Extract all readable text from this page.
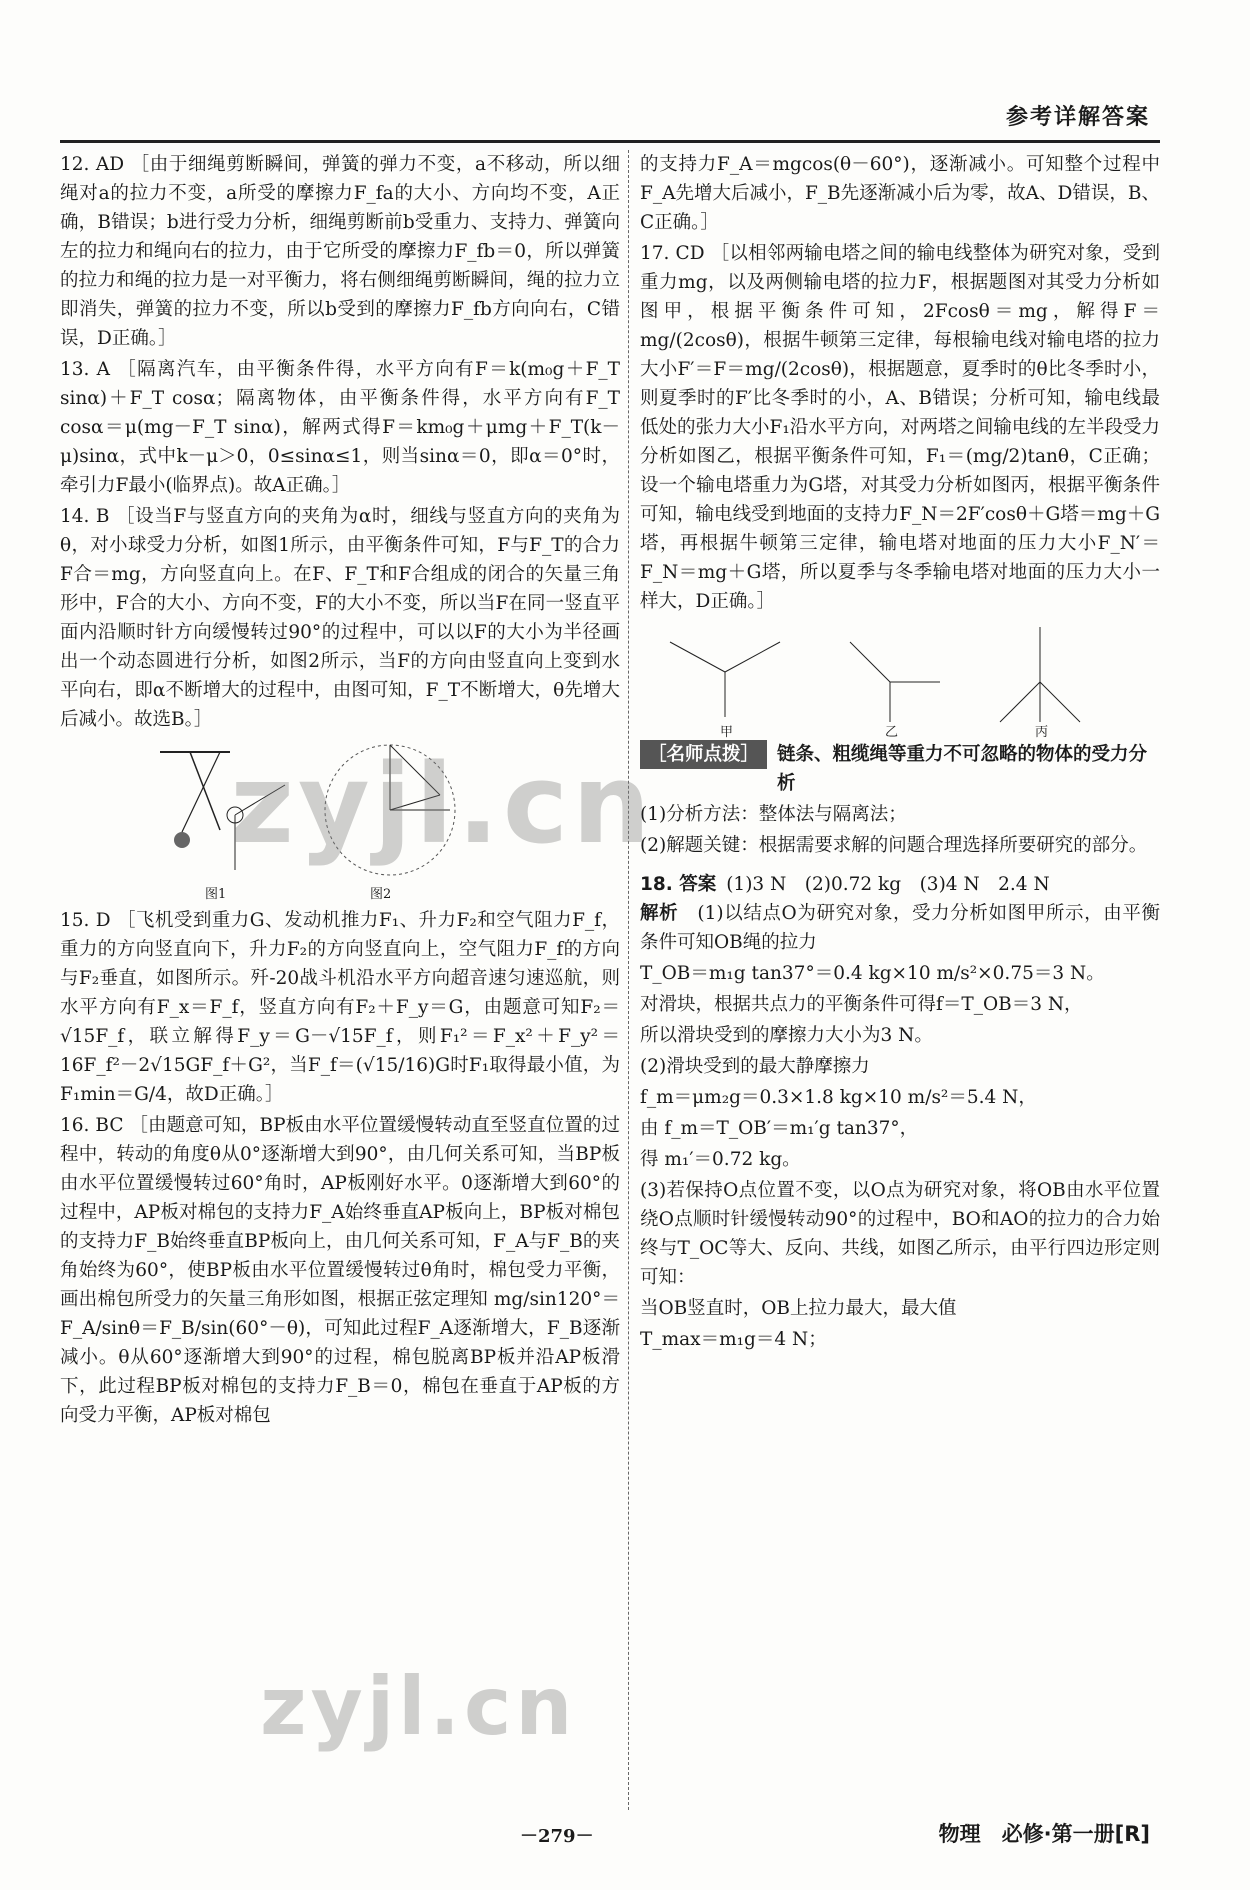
参考详解答案

12. AD ［由于细绳剪断瞬间，弹簧的弹力不变，a不移动，所以细绳对a的拉力不变，a所受的摩擦力F_fa的大小、方向均不变，A正确，B错误；b进行受力分析，细绳剪断前b受重力、支持力、弹簧向左的拉力和绳向右的拉力，由于它所受的摩擦力F_fb＝0，所以弹簧的拉力和绳的拉力是一对平衡力，将右侧细绳剪断瞬间，绳的拉力立即消失，弹簧的拉力不变，所以b受到的摩擦力F_fb方向向右，C错误，D正确。］

13. A ［隔离汽车，由平衡条件得，水平方向有F＝k(m₀g＋F_T sinα)＋F_T cosα；隔离物体，由平衡条件得，水平方向有F_T cosα＝μ(mg－F_T sinα)，解两式得F＝km₀g＋μmg＋F_T(k－μ)sinα，式中k－μ＞0，0≤sinα≤1，则当sinα＝0，即α＝0°时，牵引力F最小(临界点)。故A正确。］

14. B ［设当F与竖直方向的夹角为α时，细线与竖直方向的夹角为θ，对小球受力分析，如图1所示，由平衡条件可知，F与F_T的合力F合＝mg，方向竖直向上。在F、F_T和F合组成的闭合的矢量三角形中，F合的大小、方向不变，F的大小不变，所以当F在同一竖直平面内沿顺时针方向缓慢转过90°的过程中，可以以F的大小为半径画出一个动态圆进行分析，如图2所示，当F的方向由竖直向上变到水平向右，即α不断增大的过程中，由图可知，F_T不断增大，θ先增大后减小。故选B。］

图1	图2

15. D ［飞机受到重力G、发动机推力F₁、升力F₂和空气阻力F_f，重力的方向竖直向下，升力F₂的方向竖直向上，空气阻力F_f的方向与F₂垂直，如图所示。歼-20战斗机沿水平方向超音速匀速巡航，则水平方向有F_x＝F_f，竖直方向有F₂＋F_y＝G，由题意可知F₂＝√15F_f，联立解得F_y＝G－√15F_f，则F₁²＝F_x²＋F_y²＝16F_f²－2√15GF_f＋G²，当F_f＝(√15/16)G时F₁取得最小值，为F₁min＝G/4，故D正确。］

16. BC ［由题意可知，BP板由水平位置缓慢转动直至竖直位置的过程中，转动的角度θ从0°逐渐增大到90°，由几何关系可知，当BP板由水平位置缓慢转过60°角时，AP板刚好水平。0逐渐增大到60°的过程中，AP板对棉包的支持力F_A始终垂直AP板向上，BP板对棉包的支持力F_B始终垂直BP板向上，由几何关系可知，F_A与F_B的夹角始终为60°，使BP板由水平位置缓慢转过θ角时，棉包受力平衡，画出棉包所受力的矢量三角形如图，根据正弦定理知 mg/sin120°＝F_A/sinθ＝F_B/sin(60°－θ)，可知此过程F_A逐渐增大，F_B逐渐减小。θ从60°逐渐增大到90°的过程，棉包脱离BP板并沿AP板滑下，此过程BP板对棉包的支持力F_B＝0，棉包在垂直于AP板的方向受力平衡，AP板对棉包

的支持力F_A＝mgcos(θ－60°)，逐渐减小。可知整个过程中F_A先增大后减小，F_B先逐渐减小后为零，故A、D错误，B、C正确。］

17. CD ［以相邻两输电塔之间的输电线整体为研究对象，受到重力mg，以及两侧输电塔的拉力F，根据题图对其受力分析如图甲，根据平衡条件可知，2Fcosθ＝mg，解得F＝mg/(2cosθ)，根据牛顿第三定律，每根输电线对输电塔的拉力大小F′＝F＝mg/(2cosθ)，根据题意，夏季时的θ比冬季时小，则夏季时的F′比冬季时的小，A、B错误；分析可知，输电线最低处的张力大小F₁沿水平方向，对两塔之间输电线的左半段受力分析如图乙，根据平衡条件可知，F₁＝(mg/2)tanθ，C正确；设一个输电塔重力为G塔，对其受力分析如图丙，根据平衡条件可知，输电线受到地面的支持力F_N＝2F′cosθ＋G塔＝mg＋G塔，再根据牛顿第三定律，输电塔对地面的压力大小F_N′＝F_N＝mg＋G塔，所以夏季与冬季输电塔对地面的压力大小一样大，D正确。］

甲	乙	丙
［名师点拨］ 链条、粗缆绳等重力不可忽略的物体的受力分析
(1)分析方法：整体法与隔离法；
(2)解题关键：根据需要求解的问题合理选择所要研究的部分。
18. 答案 (1)3 N　(2)0.72 kg　(3)4 N　2.4 N

解析　 (1)以结点O为研究对象，受力分析如图甲所示，由平衡条件可知OB绳的拉力

T_OB＝m₁g tan37°＝0.4 kg×10 m/s²×0.75＝3 N。

对滑块，根据共点力的平衡条件可得f＝T_OB＝3 N，

所以滑块受到的摩擦力大小为3 N。

(2)滑块受到的最大静摩擦力

f_m＝μm₂g＝0.3×1.8 kg×10 m/s²＝5.4 N，

由 f_m＝T_OB′＝m₁′g tan37°，

得 m₁′＝0.72 kg。

(3)若保持O点位置不变，以O点为研究对象，将OB由水平位置绕O点顺时针缓慢转动90°的过程中，BO和AO的拉力的合力始终与T_OC等大、反向、共线，如图乙所示，由平行四边形定则可知：

当OB竖直时，OB上拉力最大，最大值

T_max＝m₁g＝4 N；

zyjl.cn
zyjl.cn
－279－	物理　必修·第一册[R]
